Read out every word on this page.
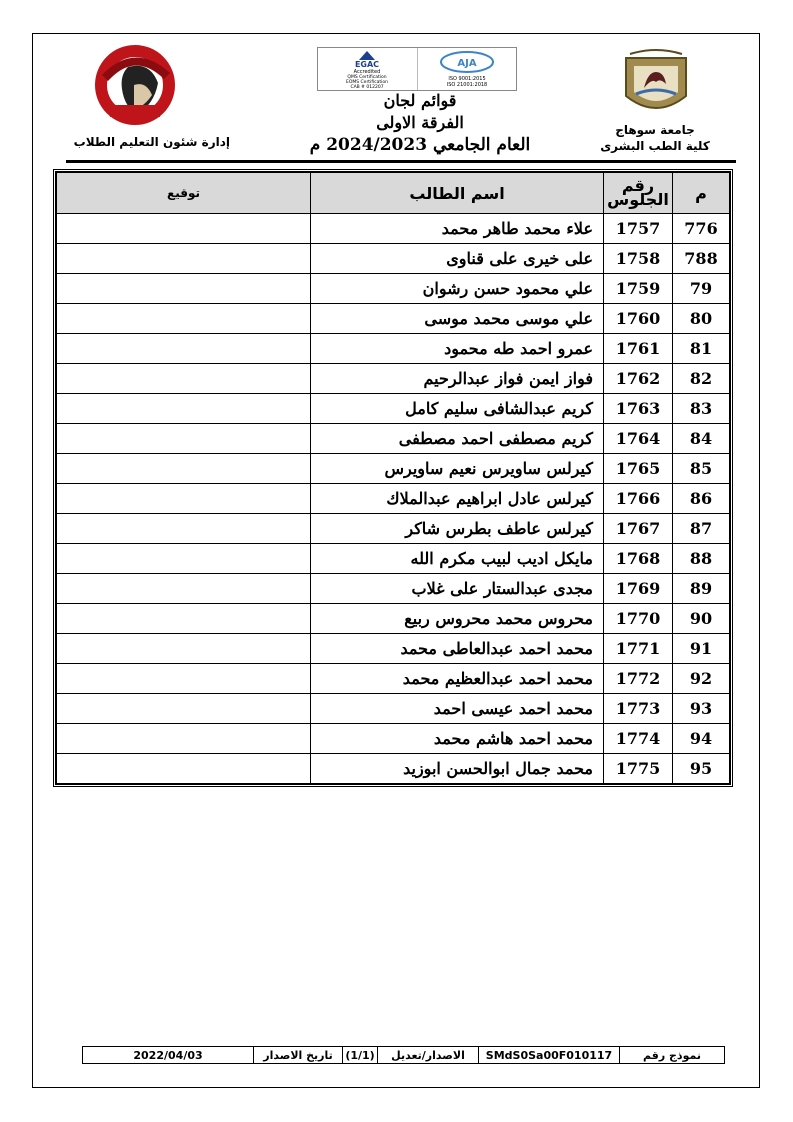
إدارة شئون التعليم الطلاب
EGAC
Accredited
QMS Certification
EOMS Certification
CAB # 012207
AJA
ISO 9001:2015
ISO 21001:2018
قوائم لجان
الفرقة الاولى
العام الجامعي 2024/2023 م
جامعة سوهاج
كلية الطب البشرى
م	رقم الجلوس	اسم الطالب	توقيع
776	1757	علاء محمد طاهر محمد	
788	1758	على خيرى على قناوى	
79	1759	علي محمود حسن رشوان	
80	1760	علي موسى محمد موسى	
81	1761	عمرو احمد طه محمود	
82	1762	فواز ايمن فواز عبدالرحيم	
83	1763	كريم عبدالشافى سليم كامل	
84	1764	كريم مصطفى احمد مصطفى	
85	1765	كيرلس ساويرس نعيم ساويرس	
86	1766	كيرلس عادل ابراهيم عبدالملاك	
87	1767	كيرلس عاطف بطرس شاكر	
88	1768	مايكل اديب لبيب مكرم الله	
89	1769	مجدى عبدالستار على غلاب	
90	1770	محروس محمد محروس ربيع	
91	1771	محمد احمد عبدالعاطى محمد	
92	1772	محمد احمد عبدالعظيم محمد	
93	1773	محمد احمد عيسى احمد	
94	1774	محمد احمد هاشم محمد	
95	1775	محمد جمال ابوالحسن ابوزيد	
نموذج رقم
SMdS0Sa00F010117
الاصدار/تعديل
(1/1)
تاريخ الاصدار
2022/04/03
